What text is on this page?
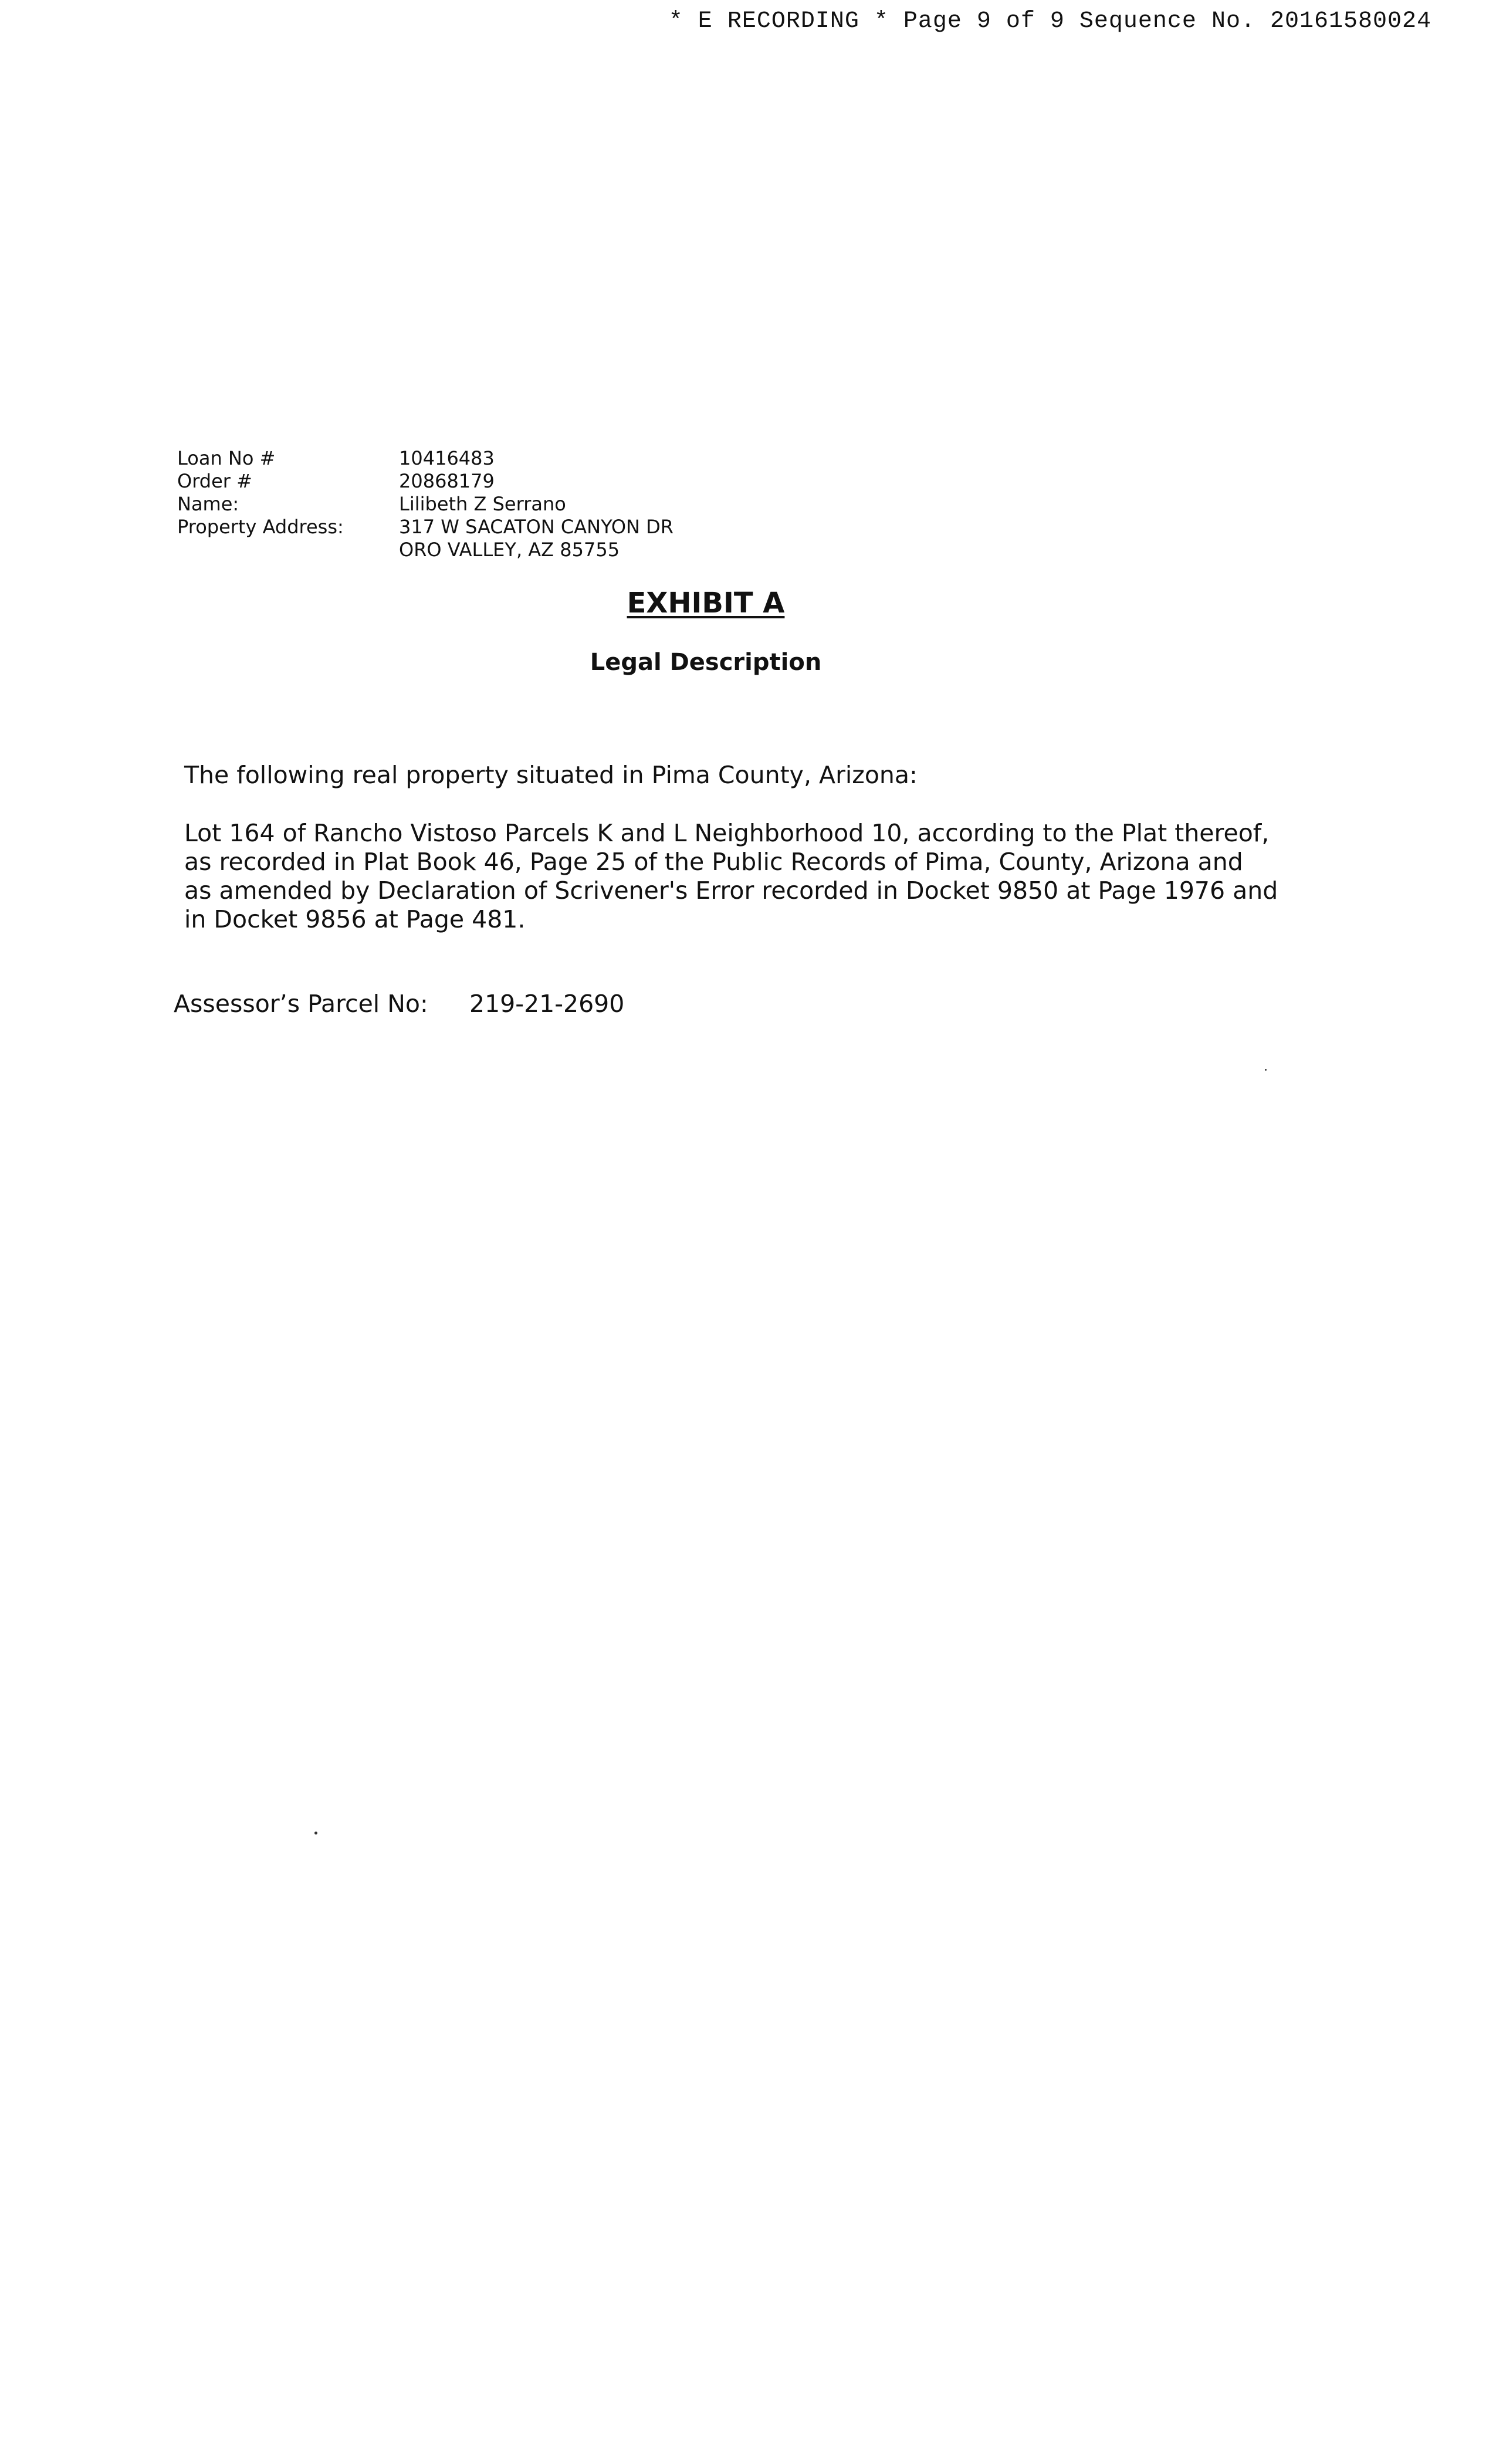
* E RECORDING * Page 9 of 9 Sequence No. 20161580024
Loan No #	10416483
Order #	20868179
Name:	Lilibeth Z Serrano
Property Address:	317 W SACATON CANYON DR
ORO VALLEY, AZ 85755
EXHIBIT A
Legal Description
The following real property situated in Pima County, Arizona:
Lot 164 of Rancho Vistoso Parcels K and L Neighborhood 10, according to the Plat thereof,
as recorded in Plat Book 46, Page 25 of the Public Records of Pima, County, Arizona and
as amended by Declaration of Scrivener's Error recorded in Docket 9850 at Page 1976 and
in Docket 9856 at Page 481.
Assessor’s Parcel No:	219-21-2690
